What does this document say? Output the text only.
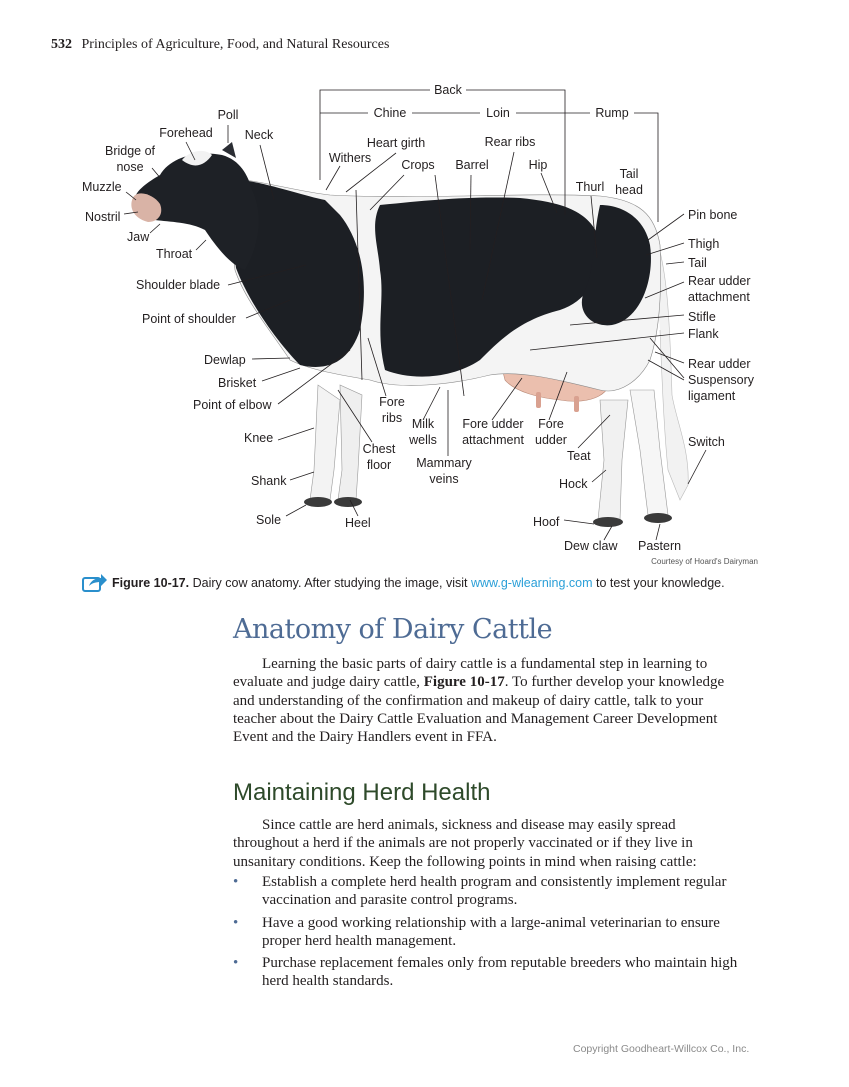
532 Principles of Agriculture, Food, and Natural Resources
Back
Chine	Loin	Rump
Poll
Forehead	Neck
Bridge of
nose
Muzzle
Nostril
Jaw
Throat
Withers
Heart girth
Crops
Rear ribs
Barrel	Hip
Thurl
Tail
head
Pin bone
Thigh
Tail
Rear udder
attachment
Stifle
Flank
Rear udder
Suspensory
ligament
Switch
Shoulder blade
Point of shoulder
Dewlap
Brisket
Point of elbow	Fore
ribs Milk
wells
Fore udder
attachment
Fore
udder
Knee
Chest
floor Mammary
veins
Teat
Shank	Hock
Sole	Heel	Hoof
Dew claw Pastern
Courtesy of Hoard's Dairyman
Figure 10-17. Dairy cow anatomy. After studying the image, visit www.g-wlearning.com to test your knowledge.
Anatomy of Dairy Cattle

Learning the basic parts of dairy cattle is a fundamental step in learning to evaluate and judge dairy cattle, Figure 10-17. To further develop your knowledge and understanding of the confirmation and makeup of dairy cattle, talk to your teacher about the Dairy Cattle Evaluation and Management Career Development Event and the Dairy Handlers event in FFA.

Maintaining Herd Health

Since cattle are herd animals, sickness and disease may easily spread throughout a herd if the animals are not properly vaccinated or if they live in unsanitary conditions. Keep the following points in mind when raising cattle:

• Establish a complete herd health program and consistently implement regular vaccination and parasite control programs.
• Have a good working relationship with a large-animal veterinarian to ensure proper herd health management.
• Purchase replacement females only from reputable breeders who maintain high herd health standards.
Copyright Goodheart-Willcox Co., Inc.
